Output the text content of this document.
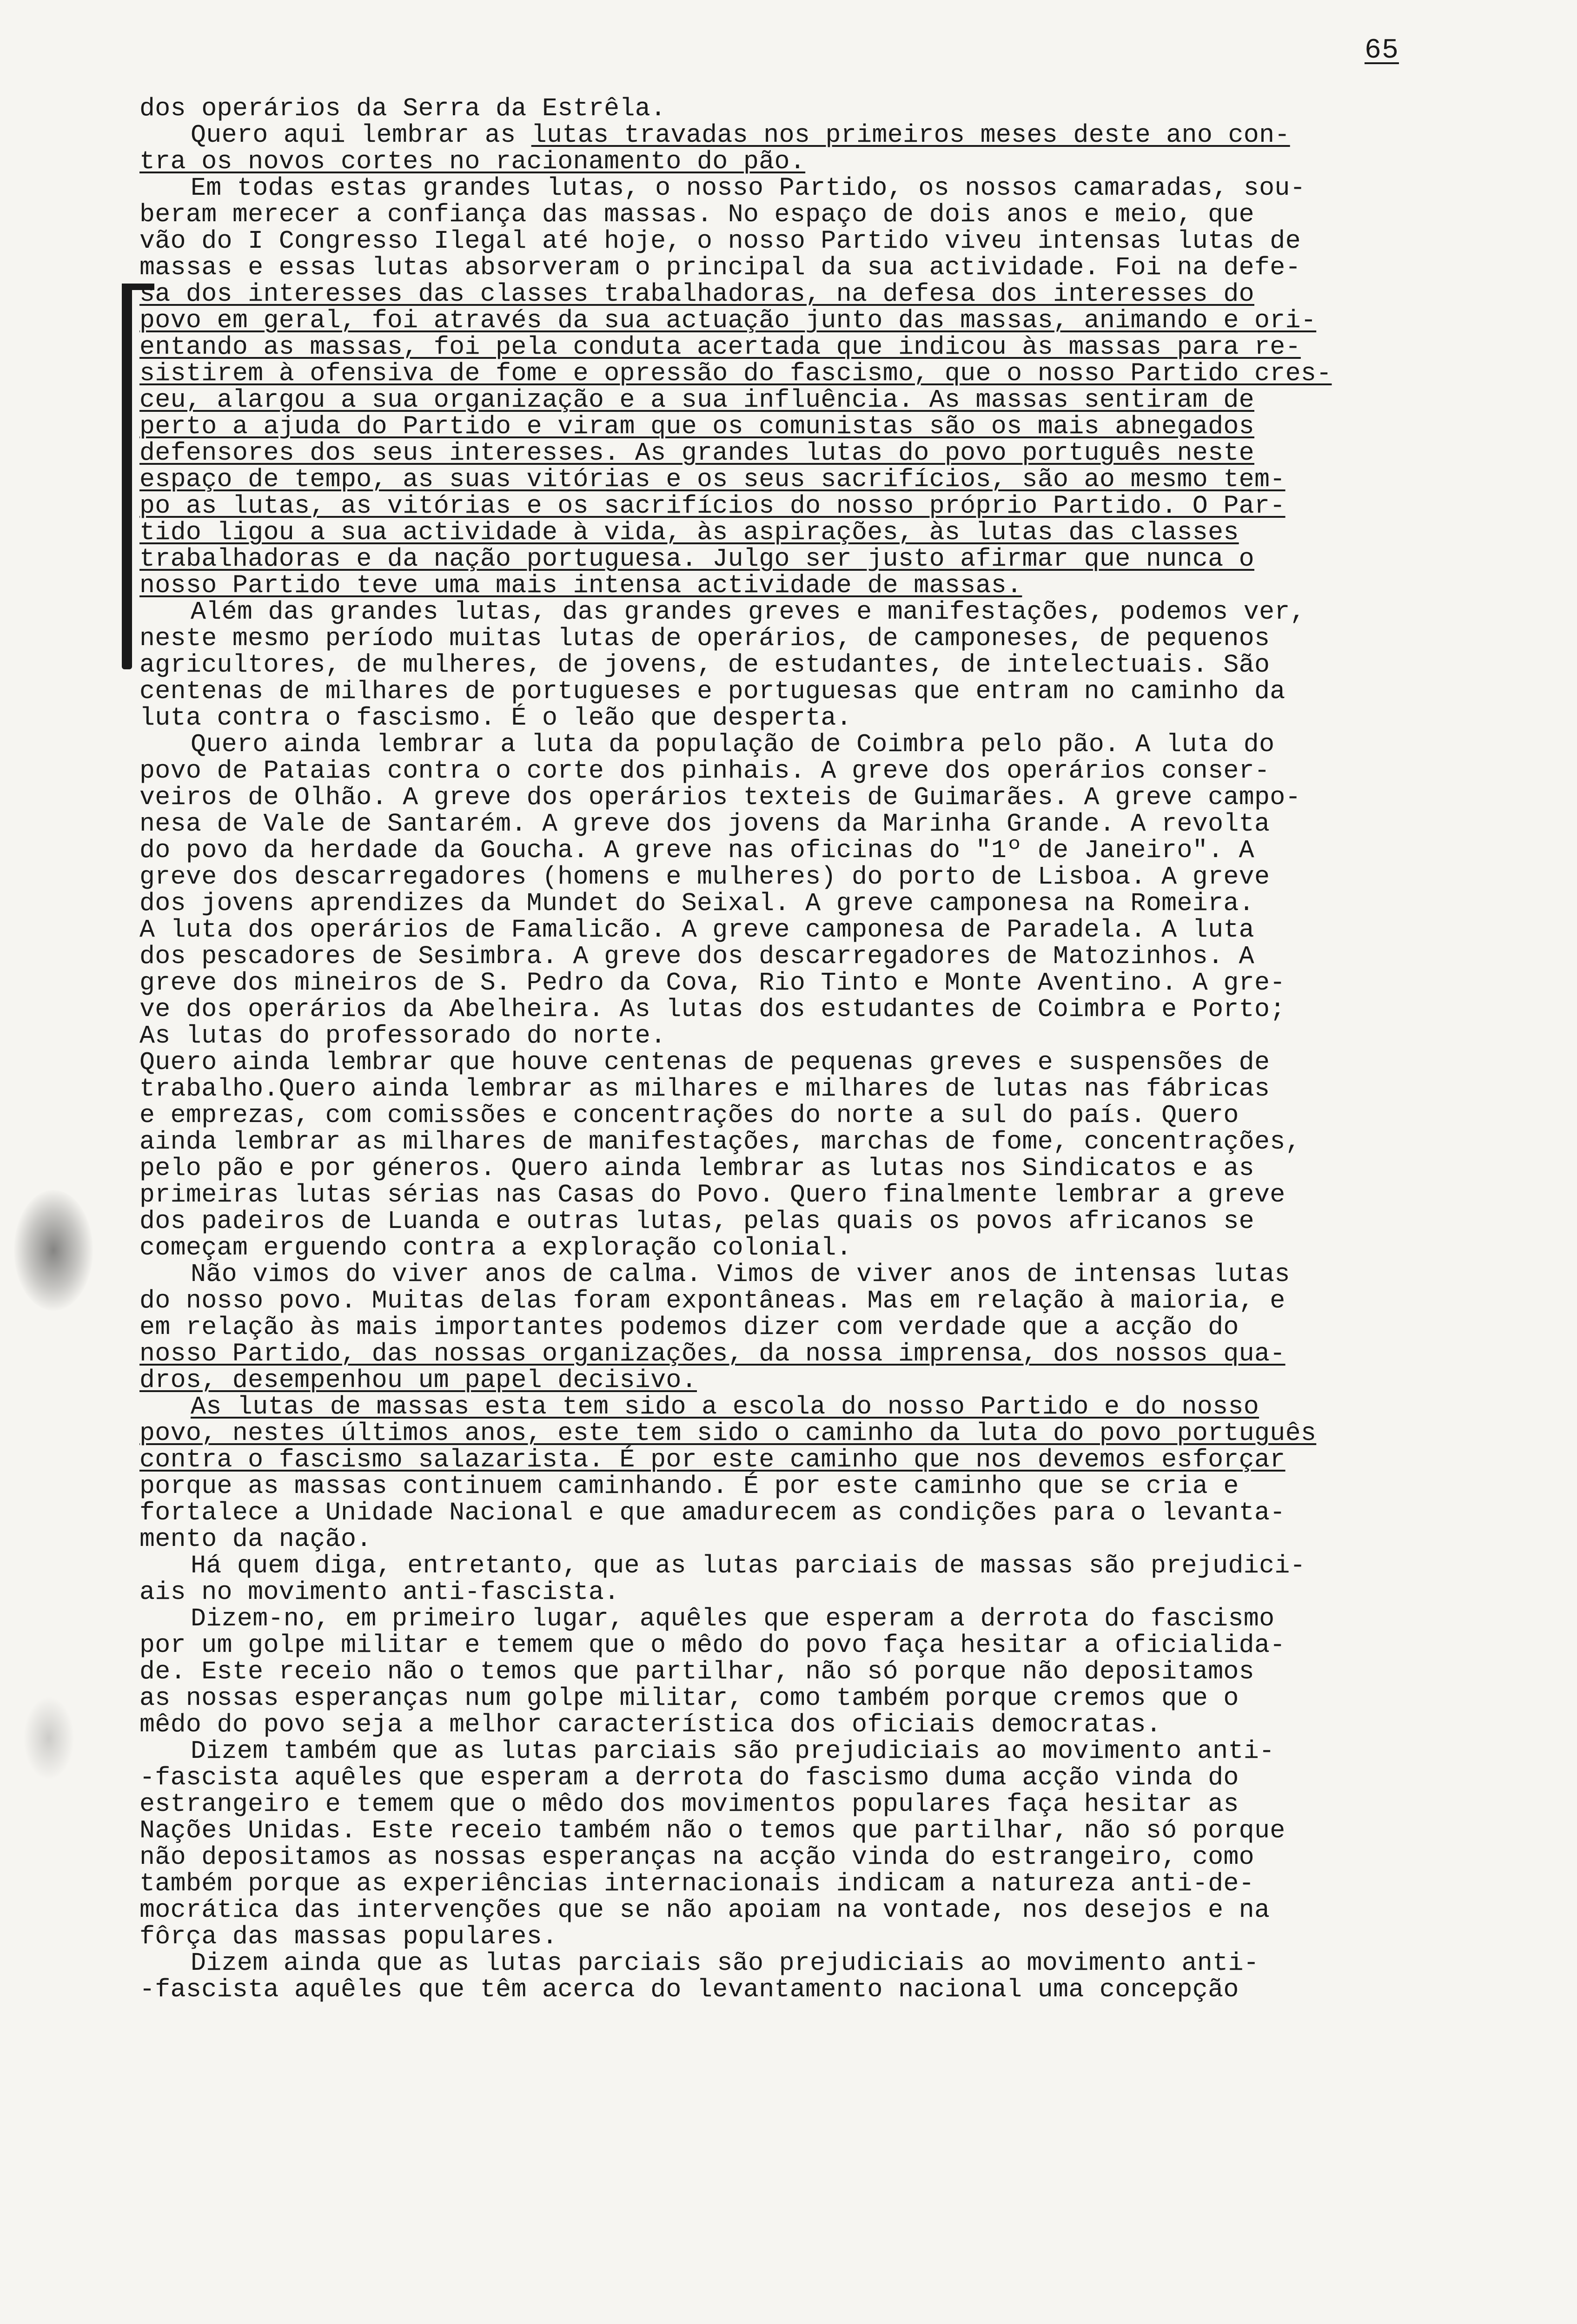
65
dos operários da Serra da Estrêla.
Quero aqui lembrar as lutas travadas nos primeiros meses deste ano con-
tra os novos cortes no racionamento do pão.
Em todas estas grandes lutas, o nosso Partido, os nossos camaradas, sou-
beram merecer a confiança das massas. No espaço de dois anos e meio, que
vão do I Congresso Ilegal até hoje, o nosso Partido viveu intensas lutas de
massas e essas lutas absorveram o principal da sua actividade. Foi na defe-
sa dos interesses das classes trabalhadoras, na defesa dos interesses do
povo em geral, foi através da sua actuação junto das massas, animando e ori-
entando as massas, foi pela conduta acertada que indicou às massas para re-
sistirem à ofensiva de fome e opressão do fascismo, que o nosso Partido cres-
ceu, alargou a sua organização e a sua influência. As massas sentiram de
perto a ajuda do Partido e viram que os comunistas são os mais abnegados
defensores dos seus interesses. As grandes lutas do povo português neste
espaço de tempo, as suas vitórias e os seus sacrifícios, são ao mesmo tem-
po as lutas, as vitórias e os sacrifícios do nosso próprio Partido. O Par-
tido ligou a sua actividade à vida, às aspirações, às lutas das classes
trabalhadoras e da nação portuguesa. Julgo ser justo afirmar que nunca o
nosso Partido teve uma mais intensa actividade de massas.
Além das grandes lutas, das grandes greves e manifestações, podemos ver,
neste mesmo período muitas lutas de operários, de camponeses, de pequenos
agricultores, de mulheres, de jovens, de estudantes, de intelectuais. São
centenas de milhares de portugueses e portuguesas que entram no caminho da
luta contra o fascismo. É o leão que desperta.
Quero ainda lembrar a luta da população de Coimbra pelo pão. A luta do
povo de Pataias contra o corte dos pinhais. A greve dos operários conser-
veiros de Olhão. A greve dos operários texteis de Guimarães. A greve campo-
nesa de Vale de Santarém. A greve dos jovens da Marinha Grande. A revolta
do povo da herdade da Goucha. A greve nas oficinas do "1º de Janeiro". A
greve dos descarregadores (homens e mulheres) do porto de Lisboa. A greve
dos jovens aprendizes da Mundet do Seixal. A greve camponesa na Romeira.
A luta dos operários de Famalicão. A greve camponesa de Paradela. A luta
dos pescadores de Sesimbra. A greve dos descarregadores de Matozinhos. A
greve dos mineiros de S. Pedro da Cova, Rio Tinto e Monte Aventino. A gre-
ve dos operários da Abelheira. As lutas dos estudantes de Coimbra e Porto;
As lutas do professorado do norte.
Quero ainda lembrar que houve centenas de pequenas greves e suspensões de
trabalho.Quero ainda lembrar as milhares e milhares de lutas nas fábricas
e emprezas, com comissões e concentrações do norte a sul do país. Quero
ainda lembrar as milhares de manifestações, marchas de fome, concentrações,
pelo pão e por géneros. Quero ainda lembrar as lutas nos Sindicatos e as
primeiras lutas sérias nas Casas do Povo. Quero finalmente lembrar a greve
dos padeiros de Luanda e outras lutas, pelas quais os povos africanos se
começam erguendo contra a exploração colonial.
Não vimos do viver anos de calma. Vimos de viver anos de intensas lutas
do nosso povo. Muitas delas foram expontâneas. Mas em relação à maioria, e
em relação às mais importantes podemos dizer com verdade que a acção do
nosso Partido, das nossas organizações, da nossa imprensa, dos nossos qua-
dros, desempenhou um papel decisivo.
As lutas de massas esta tem sido a escola do nosso Partido e do nosso
povo, nestes últimos anos, este tem sido o caminho da luta do povo português
contra o fascismo salazarista. É por este caminho que nos devemos esforçar
porque as massas continuem caminhando. É por este caminho que se cria e
fortalece a Unidade Nacional e que amadurecem as condições para o levanta-
mento da nação.
Há quem diga, entretanto, que as lutas parciais de massas são prejudici-
ais no movimento anti-fascista.
Dizem-no, em primeiro lugar, aquêles que esperam a derrota do fascismo
por um golpe militar e temem que o mêdo do povo faça hesitar a oficialida-
de. Este receio não o temos que partilhar, não só porque não depositamos
as nossas esperanças num golpe militar, como também porque cremos que o
mêdo do povo seja a melhor característica dos oficiais democratas.
Dizem também que as lutas parciais são prejudiciais ao movimento anti-
-fascista aquêles que esperam a derrota do fascismo duma acção vinda do
estrangeiro e temem que o mêdo dos movimentos populares faça hesitar as
Nações Unidas. Este receio também não o temos que partilhar, não só porque
não depositamos as nossas esperanças na acção vinda do estrangeiro, como
também porque as experiências internacionais indicam a natureza anti-de-
mocrática das intervenções que se não apoiam na vontade, nos desejos e na
fôrça das massas populares.
Dizem ainda que as lutas parciais são prejudiciais ao movimento anti-
-fascista aquêles que têm acerca do levantamento nacional uma concepção
